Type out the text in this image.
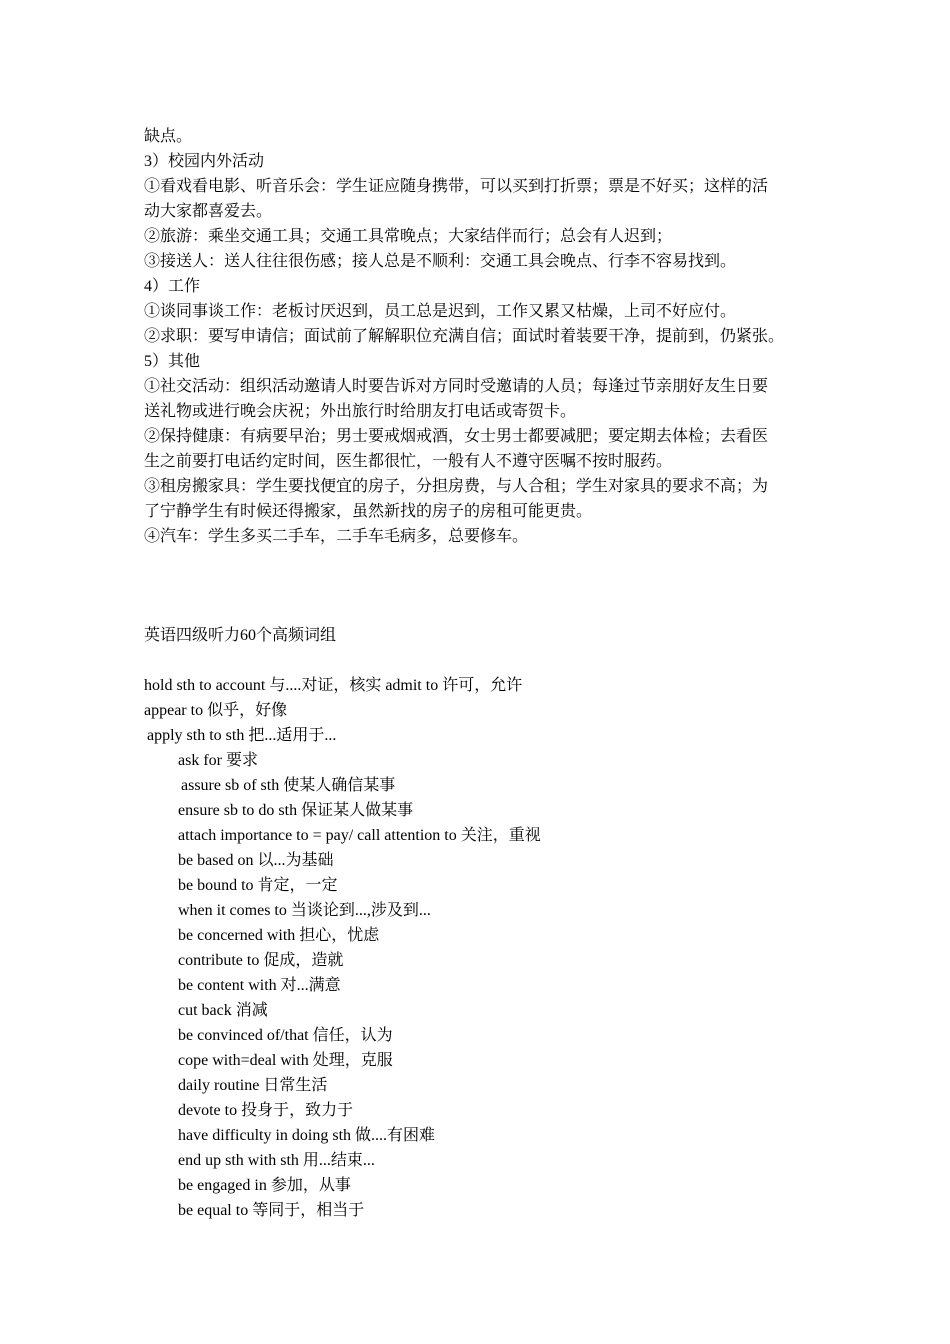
缺点。
3）校园内外活动
①看戏看电影、听音乐会：学生证应随身携带，可以买到打折票；票是不好买；这样的活
动大家都喜爱去。
②旅游：乘坐交通工具；交通工具常晚点；大家结伴而行；总会有人迟到；
③接送人：送人往往很伤感；接人总是不顺利：交通工具会晚点、行李不容易找到。
4）工作
①谈同事谈工作：老板讨厌迟到，员工总是迟到，工作又累又枯燥，上司不好应付。
②求职：要写申请信；面试前了解解职位充满自信；面试时着装要干净，提前到，仍紧张。
5）其他
①社交活动：组织活动邀请人时要告诉对方同时受邀请的人员；每逢过节亲朋好友生日要
送礼物或进行晚会庆祝；外出旅行时给朋友打电话或寄贺卡。
②保持健康：有病要早治；男士要戒烟戒酒，女士男士都要减肥；要定期去体检；去看医
生之前要打电话约定时间，医生都很忙，一般有人不遵守医嘱不按时服药。
③租房搬家具：学生要找便宜的房子，分担房费，与人合租；学生对家具的要求不高；为
了宁静学生有时候还得搬家，虽然新找的房子的房租可能更贵。
④汽车：学生多买二手车，二手车毛病多，总要修车。
英语四级听力60个高频词组
hold sth to account 与....对证，核实 admit to 许可，允许
appear to 似乎，好像
apply sth to sth 把...适用于...
ask for 要求
assure sb of sth 使某人确信某事
ensure sb to do sth 保证某人做某事
attach importance to = pay/ call attention to 关注，重视
be based on 以...为基础
be bound to 肯定，一定
when it comes to 当谈论到...,涉及到...
be concerned with 担心，忧虑
contribute to 促成，造就
be content with 对...满意
cut back 消减
be convinced of/that 信任，认为
cope with=deal with 处理，克服
daily routine 日常生活
devote to 投身于，致力于
have difficulty in doing sth 做....有困难
end up sth with sth 用...结束...
be engaged in 参加，从事
be equal to 等同于，相当于
